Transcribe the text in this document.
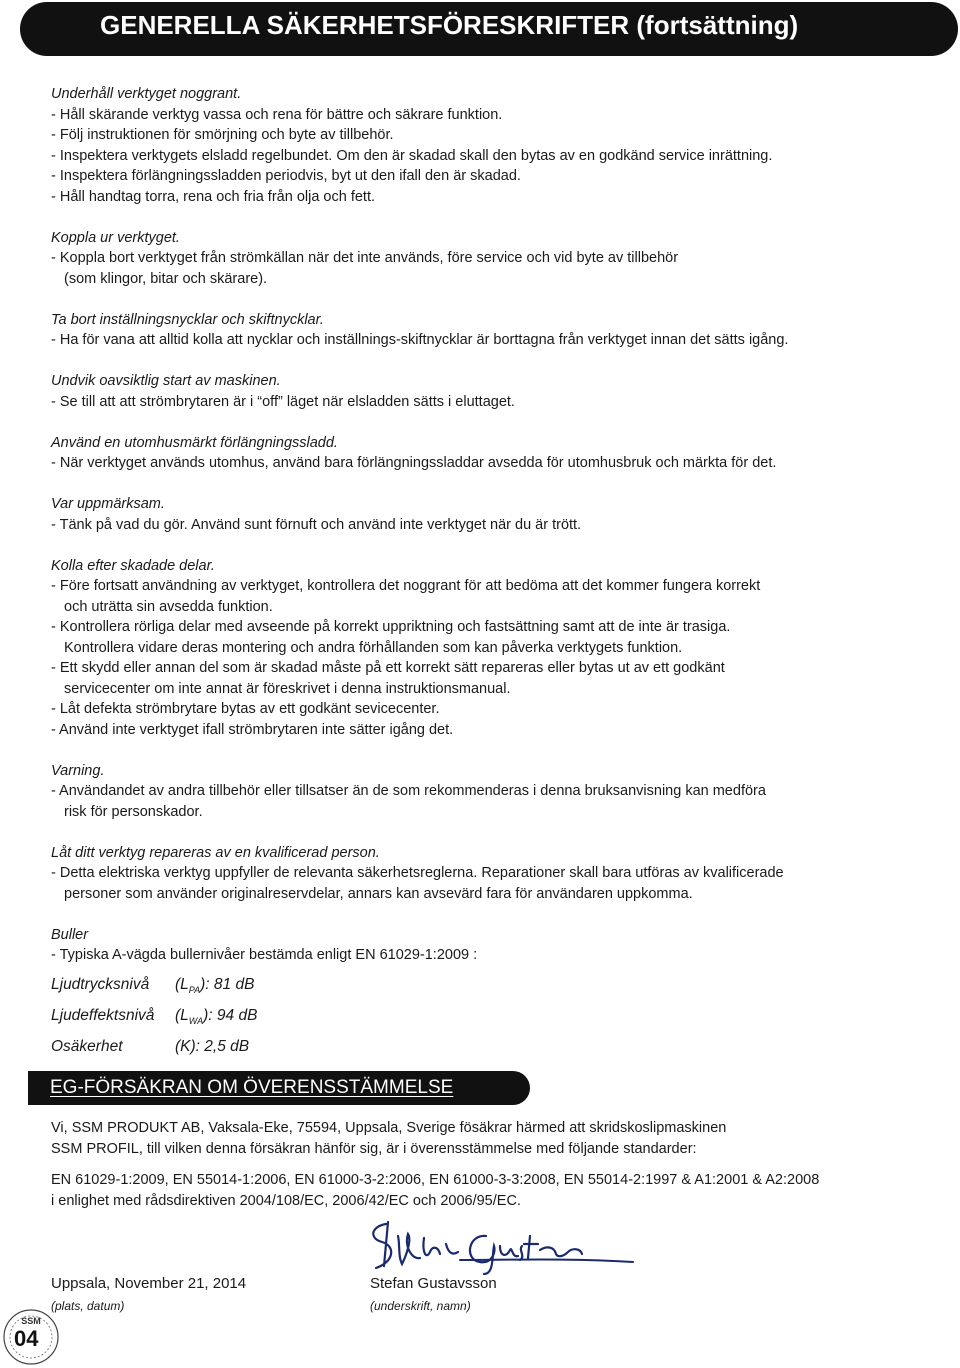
GENERELLA SÄKERHETSFÖRESKRIFTER (fortsättning)
Underhåll verktyget noggrant.
- Håll skärande verktyg vassa och rena för bättre och säkrare funktion.
- Följ instruktionen för smörjning och byte av tillbehör.
- Inspektera verktygets elsladd regelbundet. Om den är skadad skall den bytas av en godkänd service inrättning.
- Inspektera förlängningssladden periodvis, byt ut den ifall den är skadad.
- Håll handtag torra, rena och fria från olja och fett.
Koppla ur verktyget.
- Koppla bort verktyget från strömkällan när det inte används, före service och vid byte av tillbehör
(som klingor, bitar och skärare).
Ta bort inställningsnycklar och skiftnycklar.
- Ha för vana att alltid kolla att nycklar och inställnings-skiftnycklar är borttagna från verktyget innan det sätts igång.
Undvik oavsiktlig start av maskinen.
- Se till att att strömbrytaren är i “off” läget när elsladden sätts i eluttaget.
Använd en utomhusmärkt förlängningssladd.
- När verktyget används utomhus, använd bara förlängningssladdar avsedda för utomhusbruk och märkta för det.
Var uppmärksam.
- Tänk på vad du gör. Använd sunt förnuft och använd inte verktyget när du är trött.
Kolla efter skadade delar.
- Före fortsatt användning av verktyget, kontrollera det noggrant för att bedöma att det kommer fungera korrekt
och uträtta sin avsedda funktion.
- Kontrollera rörliga delar med avseende på korrekt uppriktning och fastsättning samt att de inte är trasiga.
Kontrollera vidare deras montering och andra förhållanden som kan påverka verktygets funktion.
- Ett skydd eller annan del som är skadad måste på ett korrekt sätt repareras eller bytas ut av ett godkänt
servicecenter om inte annat är föreskrivet i denna instruktionsmanual.
- Låt defekta strömbrytare bytas av ett godkänt sevicecenter.
- Använd inte verktyget ifall strömbrytaren inte sätter igång det.
Varning.
- Användandet av andra tillbehör eller tillsatser än de som rekommenderas i denna bruksanvisning kan medföra
risk för personskador.
Låt ditt verktyg repareras av en kvalificerad person.
- Detta elektriska verktyg uppfyller de relevanta säkerhetsreglerna. Reparationer skall bara utföras av kvalificerade
personer som använder originalreservdelar, annars kan avsevärd fara för användaren uppkomma.
Buller
- Typiska A-vägda bullernivåer bestämda enligt EN 61029-1:2009 :
Ljudtrycksnivå $(L_{PA})$: 81 dB
Ljudeffektsnivå $(L_{WA})$: 94 dB
Osäkerhet	(K): 2,5 dB
EG-FÖRSÄKRAN OM ÖVERENSSTÄMMELSE
Vi, SSM PRODUKT AB, Vaksala-Eke, 75594, Uppsala, Sverige fösäkrar härmed att skridskoslipmaskinen
SSM PROFIL, till vilken denna försäkran hänför sig, är i överensstämmelse med följande standarder:
EN 61029-1:2009, EN 55014-1:2006, EN 61000-3-2:2006, EN 61000-3-3:2008, EN 55014-2:1997 & A1:2001 & A2:2008
i enlighet med rådsdirektiven 2004/108/EC, 2006/42/EC och 2006/95/EC.
Uppsala, November 21, 2014
(plats, datum)
Stefan Gustavsson
(underskrift, namn)
SSM
04
